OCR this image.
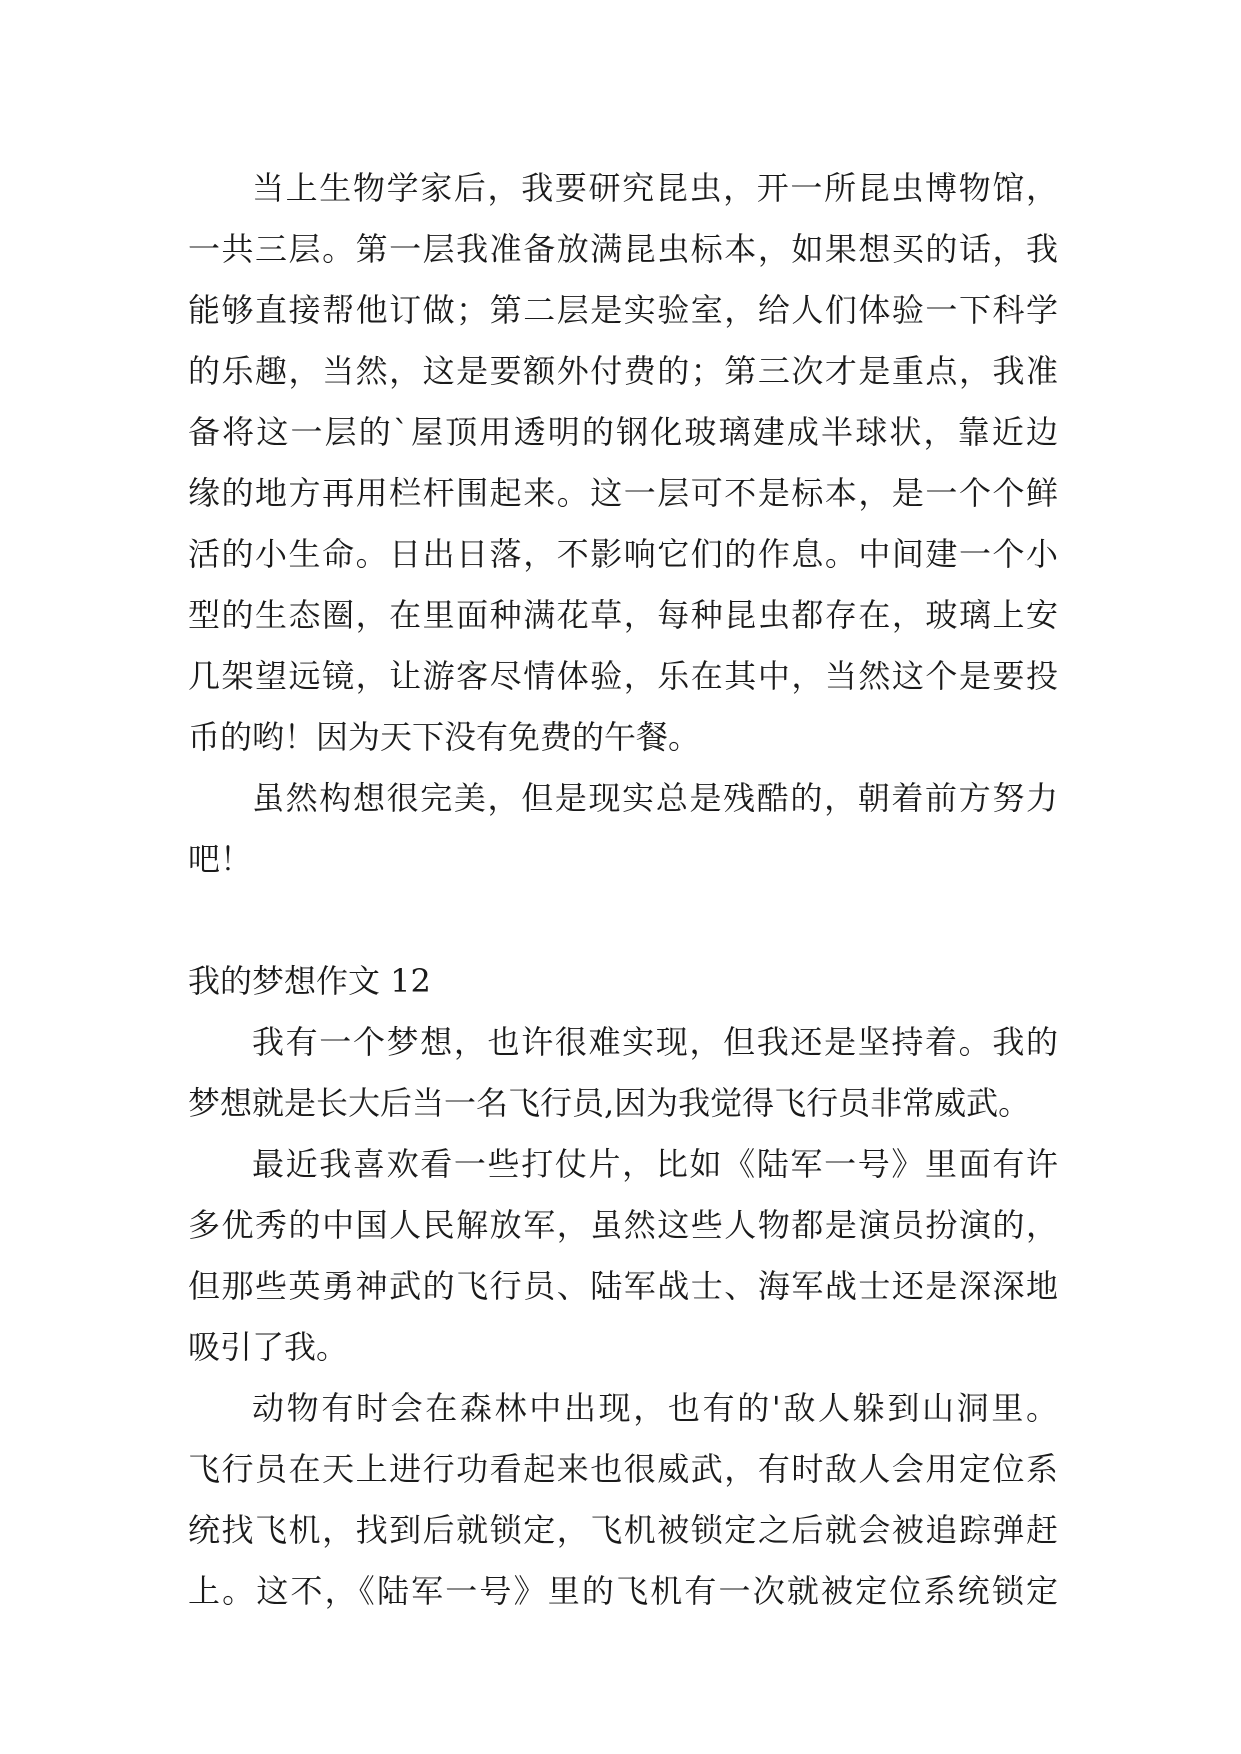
当上生物学家后，我要研究昆虫，开一所昆虫博物馆，
一共三层。第一层我准备放满昆虫标本，如果想买的话，我
能够直接帮他订做；第二层是实验室，给人们体验一下科学
的乐趣，当然，这是要额外付费的；第三次才是重点，我准
备将这一层的`屋顶用透明的钢化玻璃建成半球状，靠近边
缘的地方再用栏杆围起来。这一层可不是标本，是一个个鲜
活的小生命。日出日落，不影响它们的作息。中间建一个小
型的生态圈，在里面种满花草，每种昆虫都存在，玻璃上安
几架望远镜，让游客尽情体验，乐在其中，当然这个是要投
币的哟！因为天下没有免费的午餐。
虽然构想很完美，但是现实总是残酷的，朝着前方努力
吧！
我的梦想作文 12
我有一个梦想，也许很难实现，但我还是坚持着。我的
梦想就是长大后当一名飞行员,因为我觉得飞行员非常威武。
最近我喜欢看一些打仗片，比如《陆军一号》里面有许
多优秀的中国人民解放军，虽然这些人物都是演员扮演的，
但那些英勇神武的飞行员、陆军战士、海军战士还是深深地
吸引了我。
动物有时会在森林中出现，也有的'敌人躲到山洞里。
飞行员在天上进行功看起来也很威武，有时敌人会用定位系
统找飞机，找到后就锁定，飞机被锁定之后就会被追踪弹赶
上。这不，《陆军一号》里的飞机有一次就被定位系统锁定
